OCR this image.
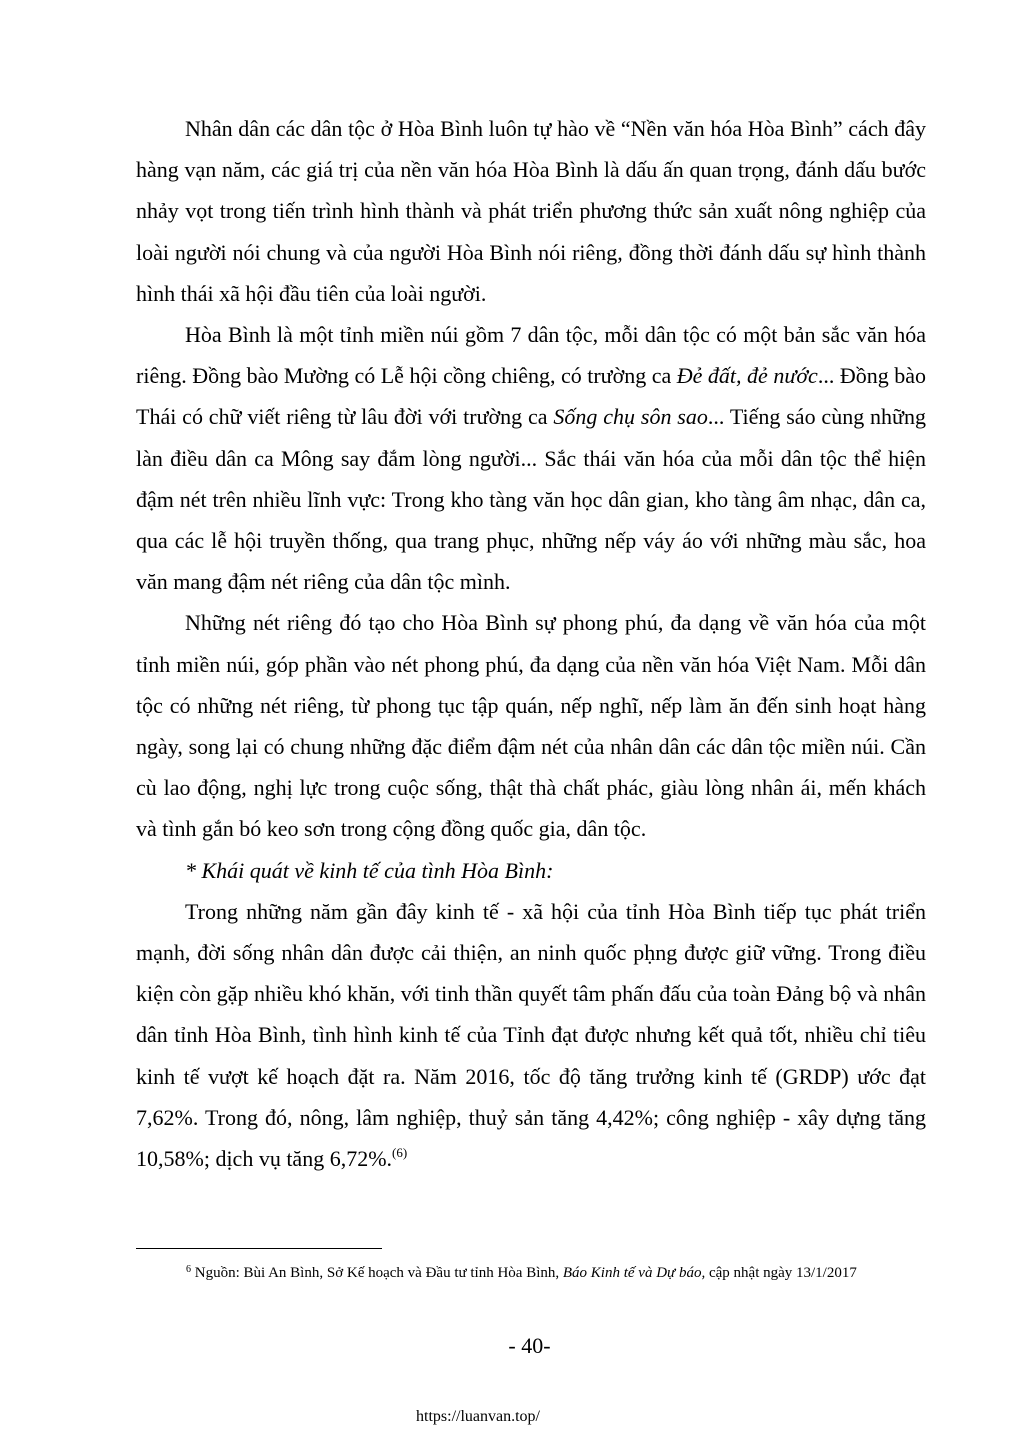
Nhân dân các dân tộc ở Hòa Bình luôn tự hào về “Nền văn hóa Hòa Bình” cách đây hàng vạn năm, các giá trị của nền văn hóa Hòa Bình là dấu ấn quan trọng, đánh dấu bước nhảy vọt trong tiến trình hình thành và phát triển phương thức sản xuất nông nghiệp của loài người nói chung và của người Hòa Bình nói riêng, đồng thời đánh dấu sự hình thành hình thái xã hội đầu tiên của loài người.

Hòa Bình là một tỉnh miền núi gồm 7 dân tộc, mỗi dân tộc có một bản sắc văn hóa riêng. Đồng bào Mường có Lễ hội cồng chiêng, có trường ca Đẻ đất, đẻ nước... Đồng bào Thái có chữ viết riêng từ lâu đời với trường ca Sống chụ sôn sao... Tiếng sáo cùng những làn điều dân ca Mông say đắm lòng người... Sắc thái văn hóa của mỗi dân tộc thể hiện đậm nét trên nhiều lĩnh vực: Trong kho tàng văn học dân gian, kho tàng âm nhạc, dân ca, qua các lễ hội truyền thống, qua trang phục, những nếp váy áo với những màu sắc, hoa văn mang đậm nét riêng của dân tộc mình.

Những nét riêng đó tạo cho Hòa Bình sự phong phú, đa dạng về văn hóa của một tỉnh miền núi, góp phần vào nét phong phú, đa dạng của nền văn hóa Việt Nam. Mỗi dân tộc có những nét riêng, từ phong tục tập quán, nếp nghĩ, nếp làm ăn đến sinh hoạt hàng ngày, song lại có chung những đặc điểm đậm nét của nhân dân các dân tộc miền núi. Cần cù lao động, nghị lực trong cuộc sống, thật thà chất phác, giàu lòng nhân ái, mến khách và tình gắn bó keo sơn trong cộng đồng quốc gia, dân tộc.

* Khái quát về kinh tế của tình Hòa Bình:

Trong những năm gần đây kinh tế - xã hội của tỉnh Hòa Bình tiếp tục phát triển mạnh, đời sống nhân dân được cải thiện, an ninh quốc pḥng được giữ vững. Trong điều kiện còn gặp nhiều khó khăn, với tinh thần quyết tâm phấn đấu của toàn Đảng bộ và nhân dân tỉnh Hòa Bình, tình hình kinh tế của Tỉnh đạt được nhưng kết quả tốt, nhiều chỉ tiêu kinh tế vượt kế hoạch đặt ra. Năm 2016, tốc độ tăng trưởng kinh tế (GRDP) ước đạt 7,62%. Trong đó, nông, lâm nghiệp, thuỷ sản tăng 4,42%; công nghiệp - xây dựng tăng 10,58%; dịch vụ tăng 6,72%.$^{(6)}$

$^6$ Nguồn: Bùi An Bình, Sở Kế hoạch và Đầu tư tỉnh Hòa Bình, Báo Kinh tế và Dự báo, cập nhật ngày 13/1/2017
- 40-
https://luanvan.top/
